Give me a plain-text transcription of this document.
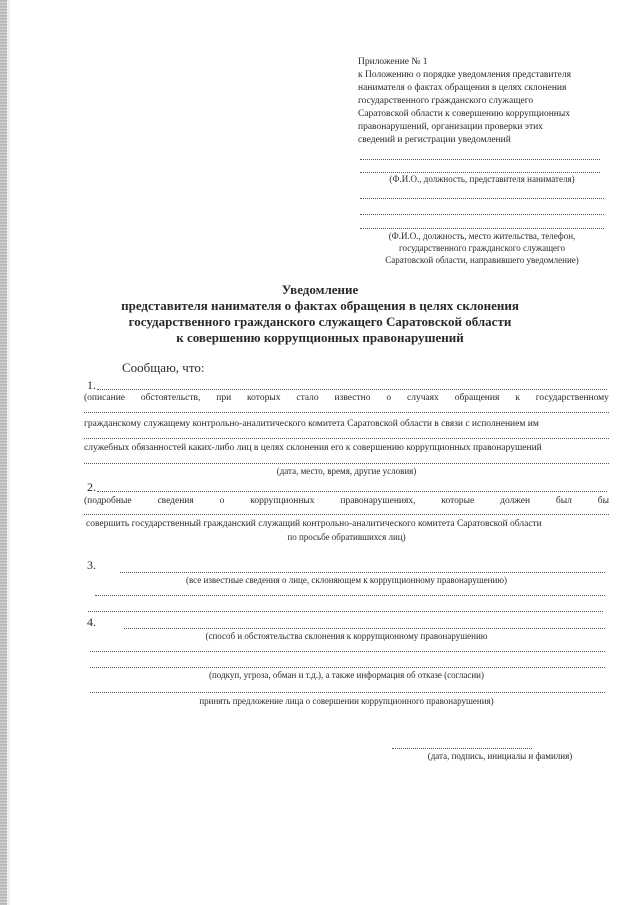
Приложение № 1
к Положению о порядке уведомления представителя
нанимателя о фактах обращения в целях склонения
государственного гражданского служащего
Саратовской области к совершению коррупционных
правонарушений, организации проверки этих
сведений и регистрации уведомлений
(Ф.И.О., должность, представителя нанимателя)
(Ф.И.О., должность, место жительства, телефон,
государственного гражданского служащего
Саратовской области, направившего уведомление)
Уведомление
представителя нанимателя о фактах обращения в целях склонения
государственного гражданского служащего Саратовской области
к совершению коррупционных правонарушений
Сообщаю, что:
1.
(описание обстоятельств, при которых стало известно о случаях обращения к государственному
гражданскому служащему контрольно-аналитического комитета Саратовской области в связи с исполнением им
служебных обязанностей каких-либо лиц в целях склонения его к совершению коррупционных правонарушений
(дата, место, время, другие условия)
2.
(подробные	сведения	о	коррупционных	правонарушениях,	которые	должен	был	бы
совершить государственный гражданский служащий контрольно-аналитического комитета Саратовской области
по просьбе обратившихся лиц)
3.
(все известные сведения о лице, склоняющем к коррупционному правонарушению)
4.
(способ и обстоятельства склонения к коррупционному правонарушению
(подкуп, угроза, обман и т.д.), а также информация об отказе (согласии)
принять предложение лица о совершении коррупционного правонарушения)
(дата, подпись, инициалы и фамилия)
